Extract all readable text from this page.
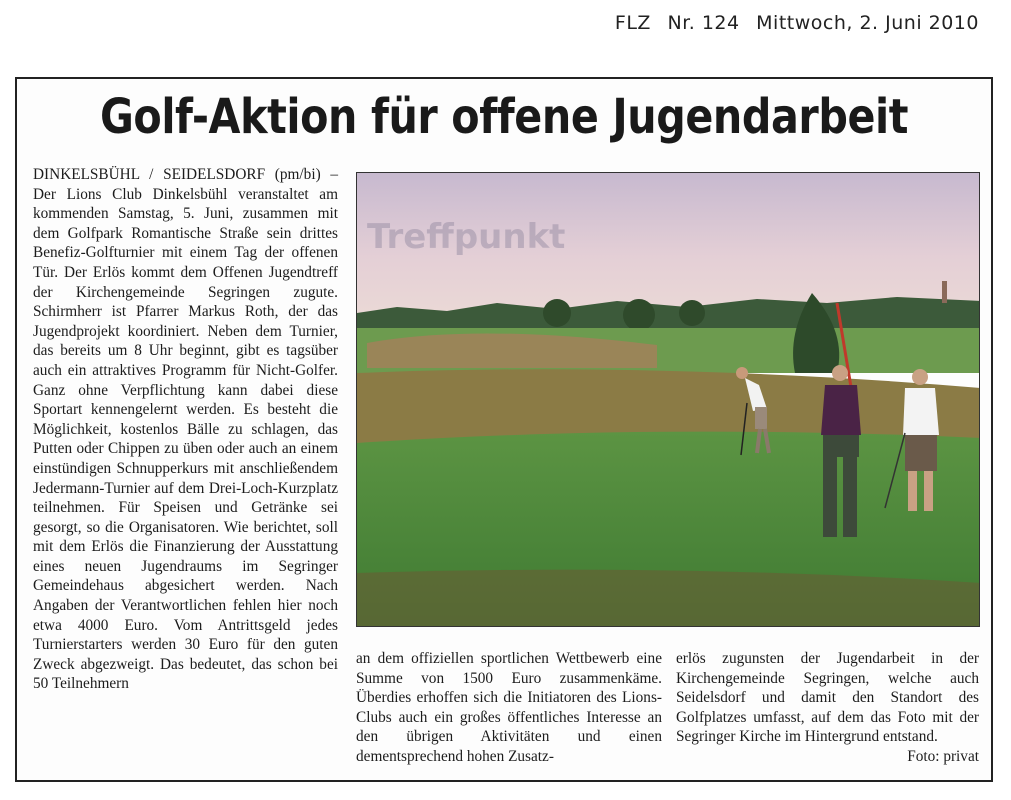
FLZ Nr. 124 Mittwoch, 2. Juni 2010
Golf-Aktion für offene Jugendarbeit

DINKELSBÜHL / SEIDELSDORF (pm/bi) – Der Lions Club Dinkelsbühl veranstaltet am kommenden Samstag, 5. Juni, zusammen mit dem Golfpark Romantische Straße sein drittes Benefiz-Golfturnier mit einem Tag der offenen Tür. Der Erlös kommt dem Offenen Jugendtreff der Kirchengemeinde Segringen zugute. Schirmherr ist Pfarrer Markus Roth, der das Jugendprojekt koordiniert. Neben dem Turnier, das bereits um 8 Uhr beginnt, gibt es tagsüber auch ein attraktives Programm für Nicht-Golfer. Ganz ohne Verpflichtung kann dabei diese Sportart kennengelernt werden. Es besteht die Möglichkeit, kostenlos Bälle zu schlagen, das Putten oder Chippen zu üben oder auch an einem einstündigen Schnupperkurs mit anschließendem Jedermann-Turnier auf dem Drei-Loch-Kurzplatz teilnehmen. Für Speisen und Getränke sei gesorgt, so die Organisatoren. Wie berichtet, soll mit dem Erlös die Finanzierung der Ausstattung eines neuen Jugendraums im Segringer Gemeindehaus abgesichert werden. Nach Angaben der Verantwortlichen fehlen hier noch etwa 4000 Euro. Vom Antrittsgeld jedes Turnierstarters werden 30 Euro für den guten Zweck abgezweigt. Das bedeutet, das schon bei 50 Teilnehmern

Treffpunkt

an dem offiziellen sportlichen Wettbewerb eine Summe von 1500 Euro zusammenkäme. Überdies erhoffen sich die Initiatoren des Lions-Clubs auch ein großes öffentliches Interesse an den übrigen Aktivitäten und einen dementsprechend hohen Zusatz-

erlös zugunsten der Jugendarbeit in der Kirchengemeinde Segringen, welche auch Seidelsdorf und damit den Standort des Golfplatzes umfasst, auf dem das Foto mit der Segringer Kirche im Hintergrund entstand.

Foto: privat
